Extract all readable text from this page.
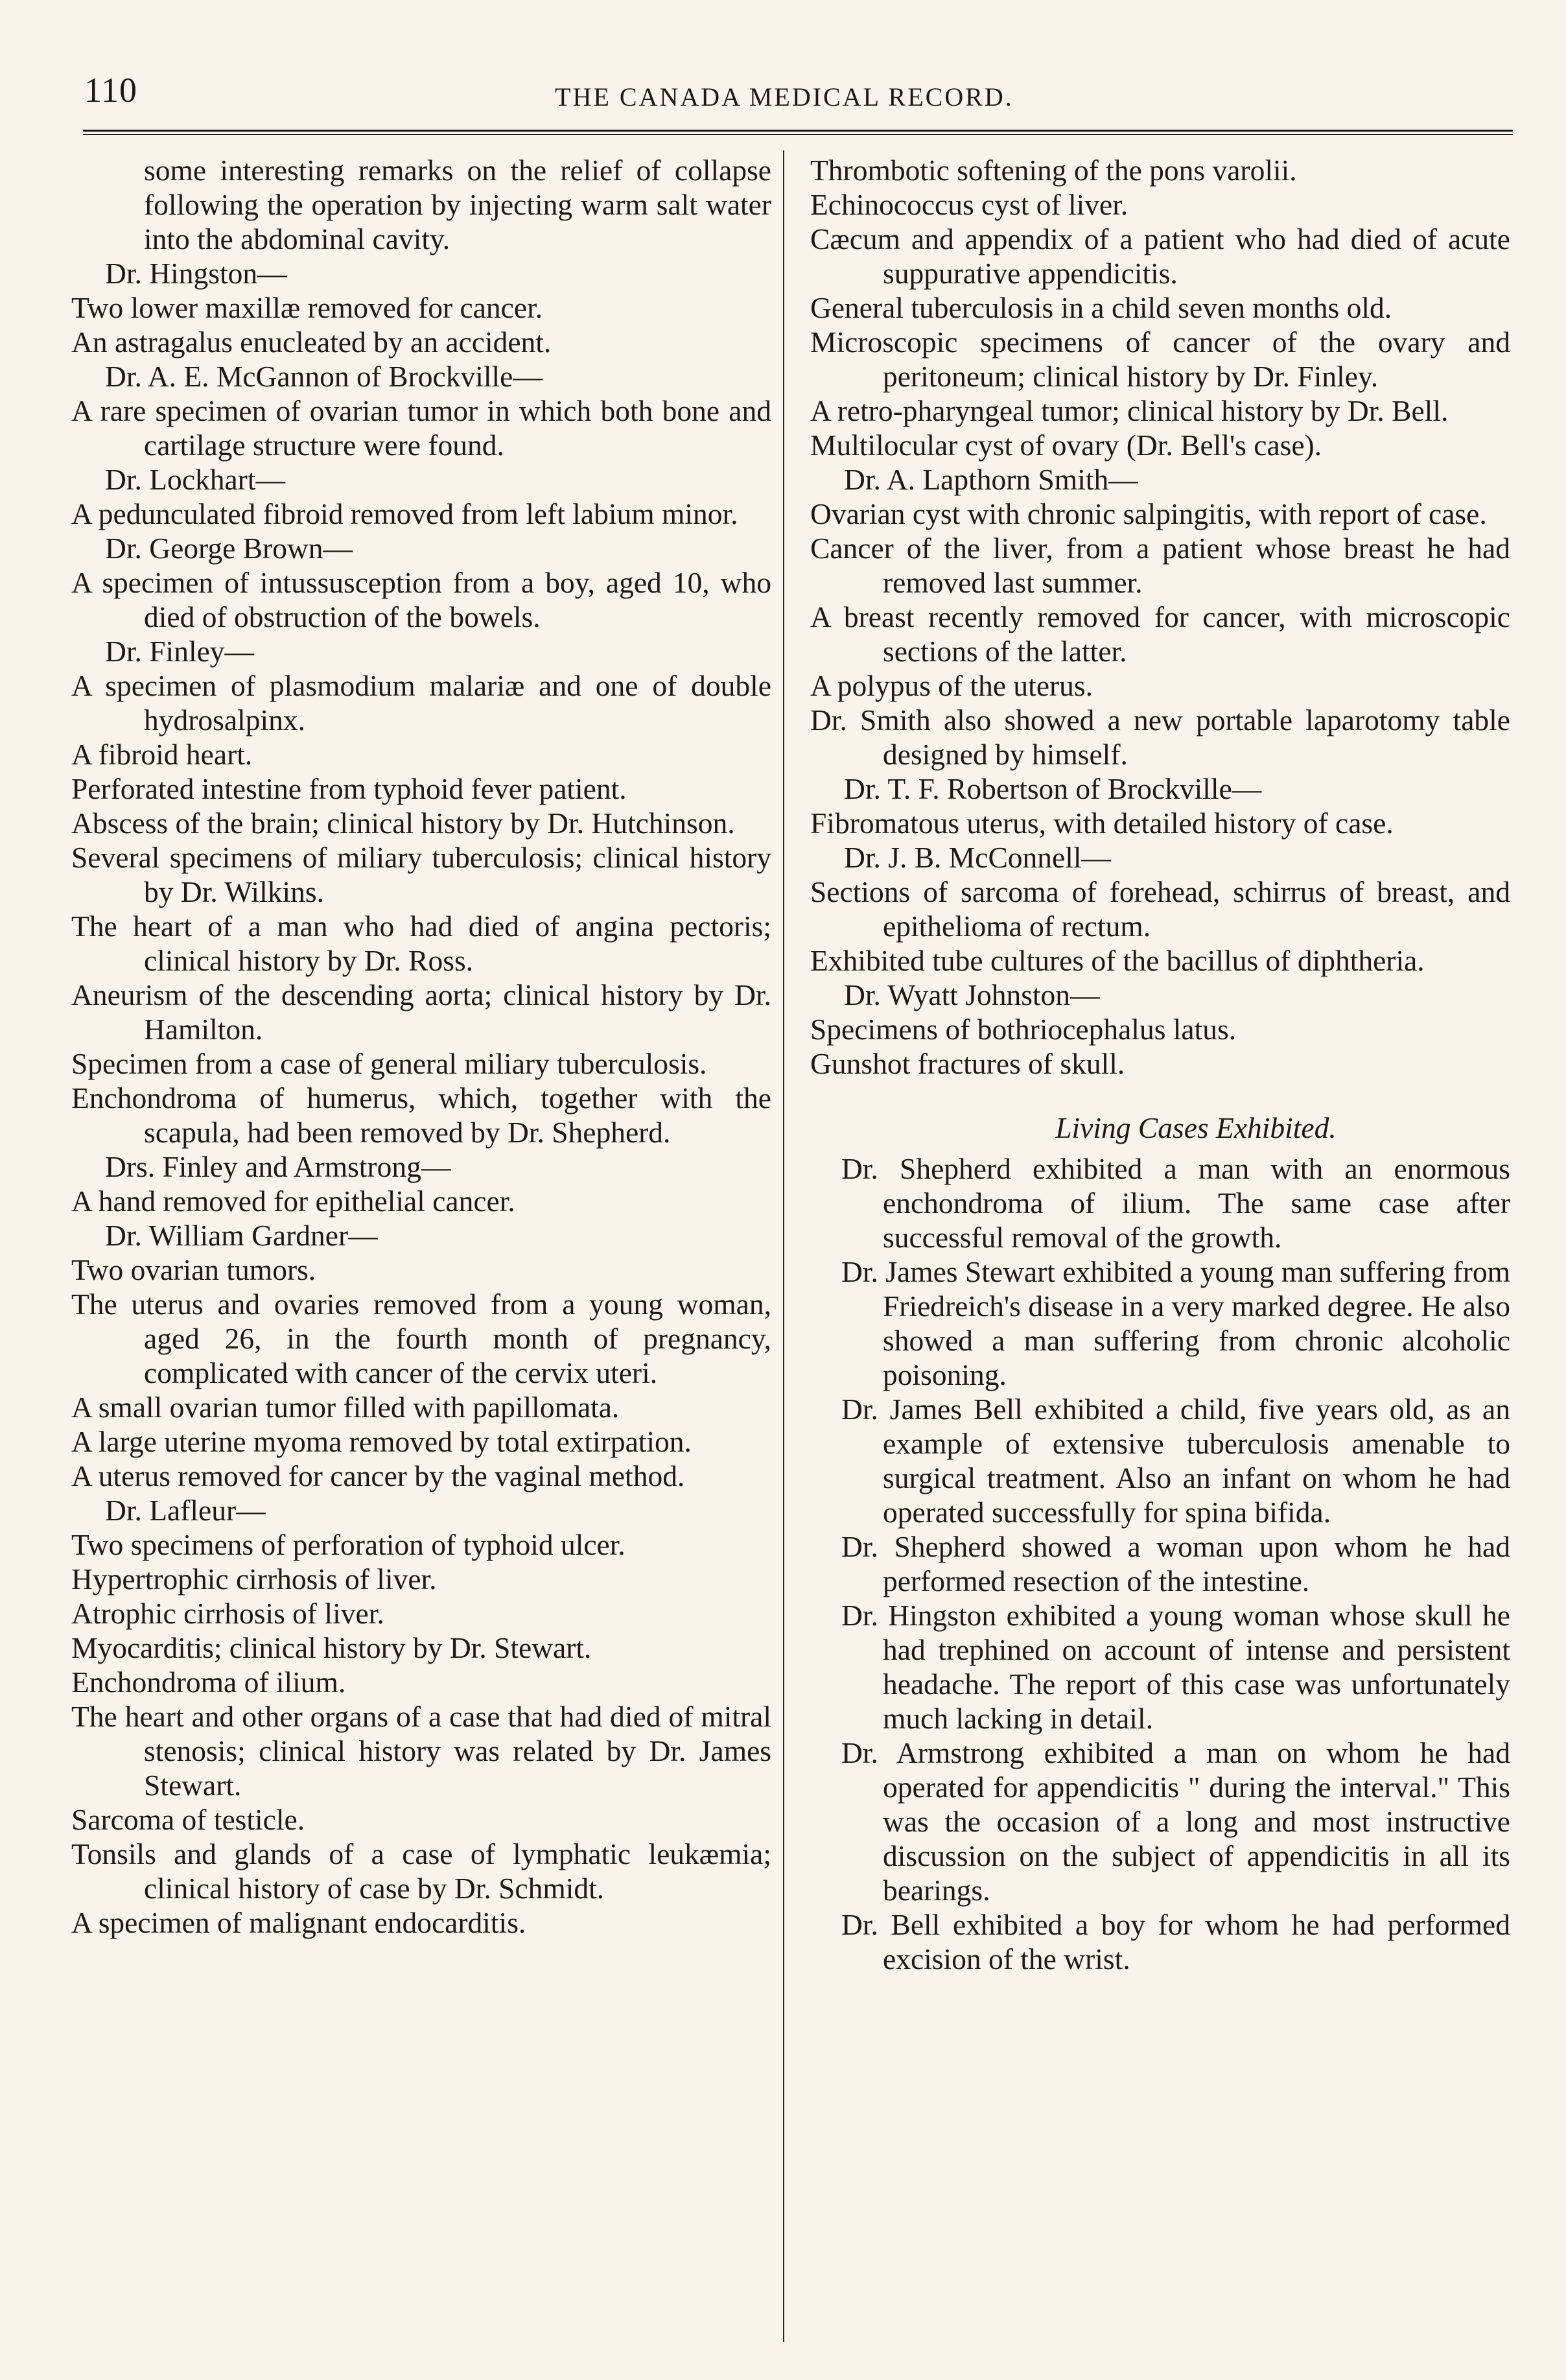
110	THE CANADA MEDICAL RECORD.

some interesting remarks on the relief of collapse following the operation by injecting warm salt water into the abdominal cavity.

Dr. Hingston—

Two lower maxillæ removed for cancer.

An astragalus enucleated by an accident.

Dr. A. E. McGannon of Brockville—

A rare specimen of ovarian tumor in which both bone and cartilage structure were found.

Dr. Lockhart—

A pedunculated fibroid removed from left labium minor.

Dr. George Brown—

A specimen of intussusception from a boy, aged 10, who died of obstruction of the bowels.

Dr. Finley—

A specimen of plasmodium malariæ and one of double hydrosalpinx.

A fibroid heart.

Perforated intestine from typhoid fever patient.

Abscess of the brain; clinical history by Dr. Hutchinson.

Several specimens of miliary tuberculosis; clinical history by Dr. Wilkins.

The heart of a man who had died of angina pectoris; clinical history by Dr. Ross.

Aneurism of the descending aorta; clinical history by Dr. Hamilton.

Specimen from a case of general miliary tuberculosis.

Enchondroma of humerus, which, together with the scapula, had been removed by Dr. Shepherd.

Drs. Finley and Armstrong—

A hand removed for epithelial cancer.

Dr. William Gardner—

Two ovarian tumors.

The uterus and ovaries removed from a young woman, aged 26, in the fourth month of pregnancy, complicated with cancer of the cervix uteri.

A small ovarian tumor filled with papillomata.

A large uterine myoma removed by total extirpation.

A uterus removed for cancer by the vaginal method.

Dr. Lafleur—

Two specimens of perforation of typhoid ulcer.

Hypertrophic cirrhosis of liver.

Atrophic cirrhosis of liver.

Myocarditis; clinical history by Dr. Stewart.

Enchondroma of ilium.

The heart and other organs of a case that had died of mitral stenosis; clinical history was related by Dr. James Stewart.

Sarcoma of testicle.

Tonsils and glands of a case of lymphatic leukæmia; clinical history of case by Dr. Schmidt.

A specimen of malignant endocarditis.

Thrombotic softening of the pons varolii.

Echinococcus cyst of liver.

Cæcum and appendix of a patient who had died of acute suppurative appendicitis.

General tuberculosis in a child seven months old.

Microscopic specimens of cancer of the ovary and peritoneum; clinical history by Dr. Finley.

A retro-pharyngeal tumor; clinical history by Dr. Bell.

Multilocular cyst of ovary (Dr. Bell's case).

Dr. A. Lapthorn Smith—

Ovarian cyst with chronic salpingitis, with report of case.

Cancer of the liver, from a patient whose breast he had removed last summer.

A breast recently removed for cancer, with microscopic sections of the latter.

A polypus of the uterus.

Dr. Smith also showed a new portable laparotomy table designed by himself.

Dr. T. F. Robertson of Brockville—

Fibromatous uterus, with detailed history of case.

Dr. J. B. McConnell—

Sections of sarcoma of forehead, schirrus of breast, and epithelioma of rectum.

Exhibited tube cultures of the bacillus of diphtheria.

Dr. Wyatt Johnston—

Specimens of bothriocephalus latus.

Gunshot fractures of skull.

Living Cases Exhibited.

Dr. Shepherd exhibited a man with an enormous enchondroma of ilium. The same case after successful removal of the growth.

Dr. James Stewart exhibited a young man suffering from Friedreich's disease in a very marked degree. He also showed a man suffering from chronic alcoholic poisoning.

Dr. James Bell exhibited a child, five years old, as an example of extensive tuberculosis amenable to surgical treatment. Also an infant on whom he had operated successfully for spina bifida.

Dr. Shepherd showed a woman upon whom he had performed resection of the intestine.

Dr. Hingston exhibited a young woman whose skull he had trephined on account of intense and persistent headache. The report of this case was unfortunately much lacking in detail.

Dr. Armstrong exhibited a man on whom he had operated for appendicitis " during the interval." This was the occasion of a long and most instructive discussion on the subject of appendicitis in all its bearings.

Dr. Bell exhibited a boy for whom he had performed excision of the wrist.
